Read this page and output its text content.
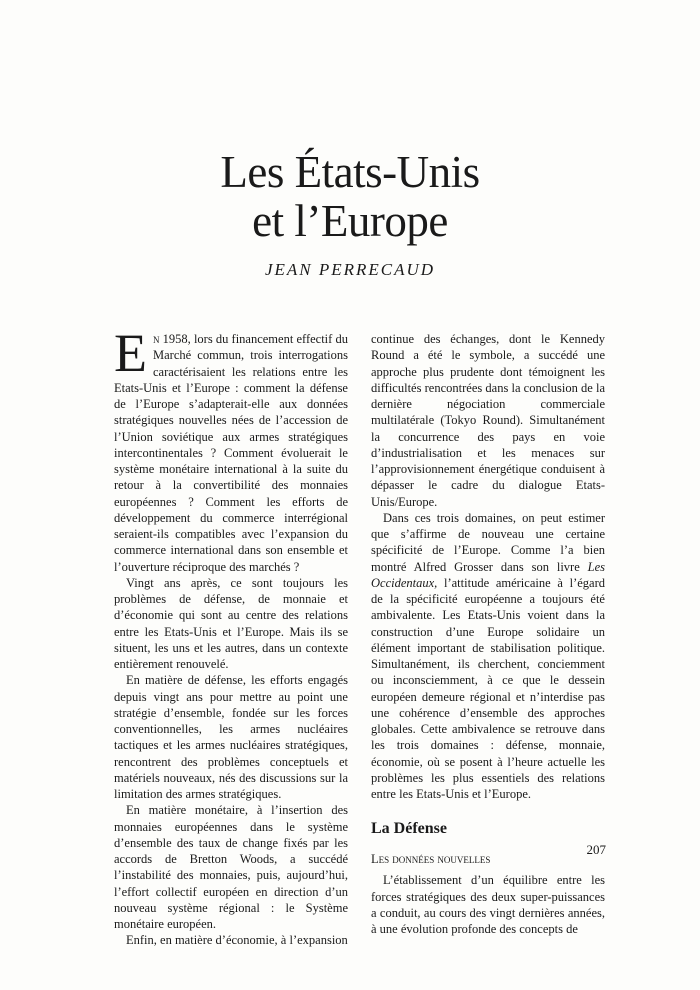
Les États-Unis
et l’Europe
JEAN PERRECAUD

En 1958, lors du financement effectif du Marché commun, trois interrogations caractérisaient les relations entre les Etats-Unis et l’Europe : comment la défense de l’Europe s’adapterait-elle aux données stratégiques nouvelles nées de l’accession de l’Union soviétique aux armes stratégiques intercontinentales ? Comment évoluerait le système monétaire international à la suite du retour à la convertibilité des monnaies européennes ? Comment les efforts de développement du commerce interrégional seraient-ils compatibles avec l’expansion du commerce international dans son ensemble et l’ouverture réciproque des marchés ?

Vingt ans après, ce sont toujours les problèmes de défense, de monnaie et d’économie qui sont au centre des relations entre les Etats-Unis et l’Europe. Mais ils se situent, les uns et les autres, dans un contexte entièrement renouvelé.

En matière de défense, les efforts engagés depuis vingt ans pour mettre au point une stratégie d’ensemble, fondée sur les forces conventionnelles, les armes nucléaires tactiques et les armes nucléaires stratégiques, rencontrent des problèmes conceptuels et matériels nouveaux, nés des discussions sur la limitation des armes stratégiques.

En matière monétaire, à l’insertion des monnaies européennes dans le système d’ensemble des taux de change fixés par les accords de Bretton Woods, a succédé l’instabilité des monnaies, puis, aujourd’hui, l’effort collectif européen en direction d’un nouveau système régional : le Système monétaire européen.

Enfin, en matière d’économie, à l’expansion

continue des échanges, dont le Kennedy Round a été le symbole, a succédé une approche plus prudente dont témoignent les difficultés rencontrées dans la conclusion de la dernière négociation commerciale multilatérale (Tokyo Round). Simultanément la concurrence des pays en voie d’industrialisation et les menaces sur l’approvisionnement énergétique conduisent à dépasser le cadre du dialogue Etats-Unis/Europe.

Dans ces trois domaines, on peut estimer que s’affirme de nouveau une certaine spécificité de l’Europe. Comme l’a bien montré Alfred Grosser dans son livre Les Occidentaux, l’attitude américaine à l’égard de la spécificité européenne a toujours été ambivalente. Les Etats-Unis voient dans la construction d’une Europe solidaire un élément important de stabilisation politique. Simultanément, ils cherchent, conciemment ou inconsciemment, à ce que le dessein européen demeure régional et n’interdise pas une cohérence d’ensemble des approches globales. Cette ambivalence se retrouve dans les trois domaines : défense, monnaie, économie, où se posent à l’heure actuelle les problèmes les plus essentiels des relations entre les Etats-Unis et l’Europe.

La Défense
Les données nouvelles

L’établissement d’un équilibre entre les forces stratégiques des deux super-puissances a conduit, au cours des vingt dernières années, à une évolution profonde des concepts de

207
